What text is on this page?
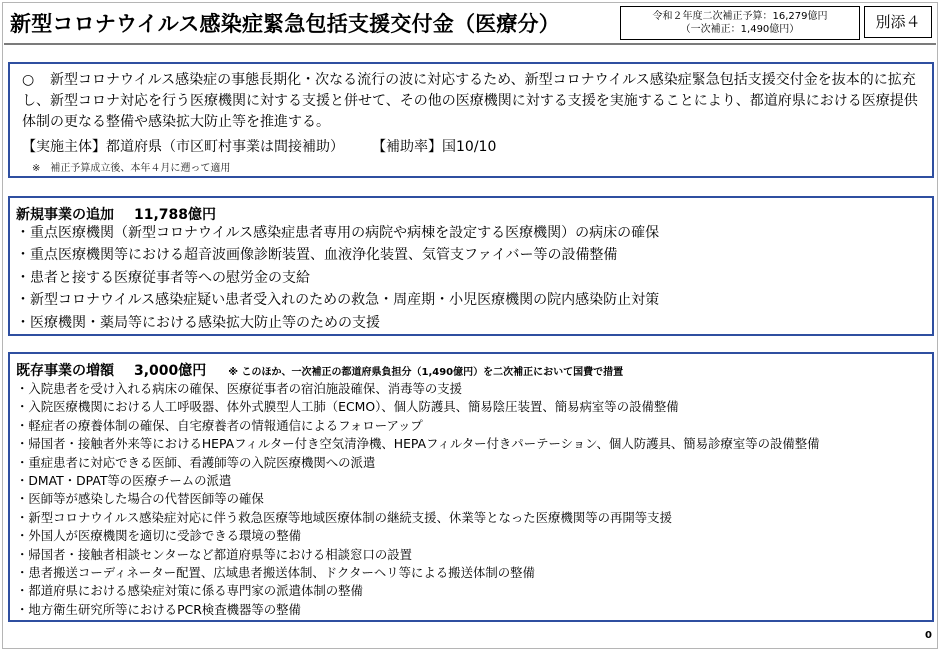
新型コロナウイルス感染症緊急包括支援交付金（医療分）	令和２年度二次補正予算：16,279億円
（一次補正：1,490億円）	別添４
○ 新型コロナウイルス感染症の事態長期化・次なる流行の波に対応するため、新型コロナウイルス感染症緊急包括支援交付金を抜本的に拡充し、新型コロナ対応を行う医療機関に対する支援と併せて、その他の医療機関に対する支援を実施することにより、都道府県における医療提供体制の更なる整備や感染拡大防止等を推進する。
【実施主体】都道府県（市区町村事業は間接補助） 【補助率】国10/10
※　補正予算成立後、本年４月に遡って適用
新規事業の追加 11,788億円
・重点医療機関（新型コロナウイルス感染症患者専用の病院や病棟を設定する医療機関）の病床の確保
・重点医療機関等における超音波画像診断装置、血液浄化装置、気管支ファイバー等の設備整備
・患者と接する医療従事者等への慰労金の支給
・新型コロナウイルス感染症疑い患者受入れのための救急・周産期・小児医療機関の院内感染防止対策
・医療機関・薬局等における感染拡大防止等のための支援
既存事業の増額 3,000億円 ※ このほか、一次補正の都道府県負担分（1,490億円）を二次補正において国費で措置
・入院患者を受け入れる病床の確保、医療従事者の宿泊施設確保、消毒等の支援
・入院医療機関における人工呼吸器、体外式膜型人工肺（ECMO）、個人防護具、簡易陰圧装置、簡易病室等の設備整備
・軽症者の療養体制の確保、自宅療養者の情報通信によるフォローアップ
・帰国者・接触者外来等におけるHEPAフィルター付き空気清浄機、HEPAフィルター付きパーテーション、個人防護具、簡易診療室等の設備整備
・重症患者に対応できる医師、看護師等の入院医療機関への派遣
・DMAT・DPAT等の医療チームの派遣
・医師等が感染した場合の代替医師等の確保
・新型コロナウイルス感染症対応に伴う救急医療等地域医療体制の継続支援、休業等となった医療機関等の再開等支援
・外国人が医療機関を適切に受診できる環境の整備
・帰国者・接触者相談センターなど都道府県等における相談窓口の設置
・患者搬送コーディネーター配置、広域患者搬送体制、ドクターヘリ等による搬送体制の整備
・都道府県における感染症対策に係る専門家の派遣体制の整備
・地方衛生研究所等におけるPCR検査機器等の整備
0
